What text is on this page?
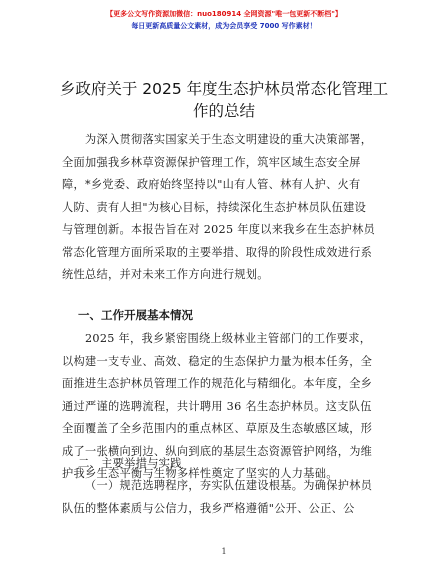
【更多公文写作资源加微信：nuo180914 全网资源"唯一包更新不断档"】
每日更新高质量公文素材，成为会员享受 7000 写作素材！
乡政府关于 2025 年度生态护林员常态化管理工
作的总结
为深入贯彻落实国家关于生态文明建设的重大决策部署，
全面加强我乡林草资源保护管理工作，筑牢区域生态安全屏
障，*乡党委、政府始终坚持以"山有人管、林有人护、火有
人防、责有人担"为核心目标，持续深化生态护林员队伍建设
与管理创新。本报告旨在对 2025 年度以来我乡在生态护林员
常态化管理方面所采取的主要举措、取得的阶段性成效进行系
统性总结，并对未来工作方向进行规划。
一、工作开展基本情况
2025 年，我乡紧密围绕上级林业主管部门的工作要求，
以构建一支专业、高效、稳定的生态保护力量为根本任务，全
面推进生态护林员管理工作的规范化与精细化。本年度，全乡
通过严谨的选聘流程，共计聘用 36 名生态护林员。这支队伍
全面覆盖了全乡范围内的重点林区、草原及生态敏感区域，形
成了一张横向到边、纵向到底的基层生态资源管护网络，为维
护我乡生态平衡与生物多样性奠定了坚实的人力基础。
二、主要举措与实践
（一）规范选聘程序，夯实队伍建设根基。为确保护林员
队伍的整体素质与公信力，我乡严格遵循"公开、公正、公
1
